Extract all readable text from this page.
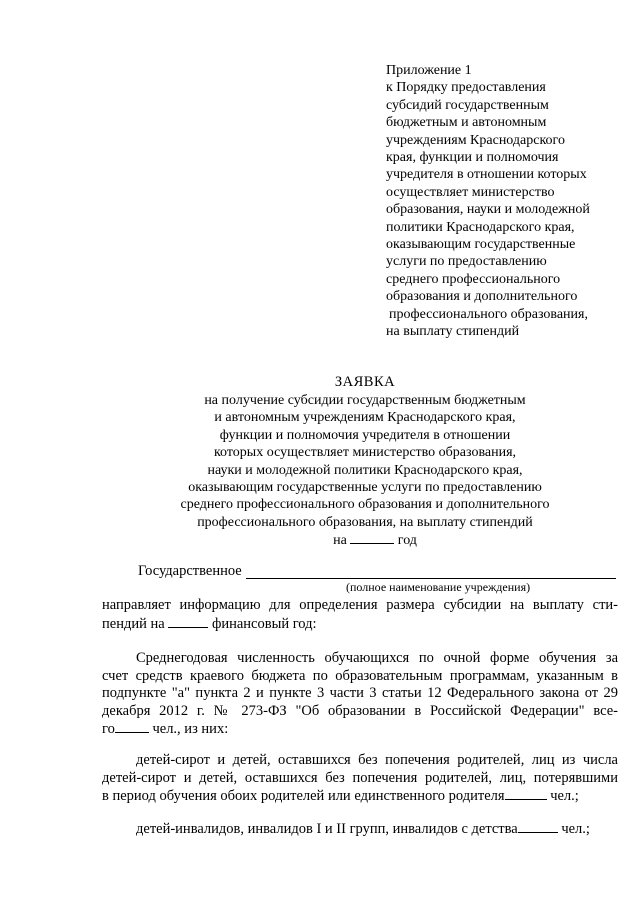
Приложение 1
к Порядку предоставления
субсидий государственным
бюджетным и автономным
учреждениям Краснодарского
края, функции и полномочия
учредителя в отношении которых
осуществляет министерство
образования, науки и молодежной
политики Краснодарского края,
оказывающим государственные
услуги по предоставлению
среднего профессионального
образования и дополнительного
профессионального образования,
на выплату стипендий
ЗАЯВКА
на получение субсидии государственным бюджетным
и автономным учреждениям Краснодарского края,
функции и полномочия учредителя в отношении
которых осуществляет министерство образования,
науки и молодежной политики Краснодарского края,
оказывающим государственные услуги по предоставлению
среднего профессионального образования и дополнительного
профессионального образования, на выплату стипендий
на	год
Государственное
(полное наименование учреждения)
направляет информацию для определения размера субсидии на выплату сти-
пендий на	финансовый год:
Среднегодовая численность обучающихся по очной форме обучения за
счет средств краевого бюджета по образовательным программам, указанным в
подпункте "а" пункта 2 и пункте 3 части 3 статьи 12 Федерального закона от 29
декабря 2012 г. № 273-ФЗ "Об образовании в Российской Федерации" все-
го	чел., из них:
детей-сирот и детей, оставшихся без попечения родителей, лиц из числа
детей-сирот и детей, оставшихся без попечения родителей, лиц, потерявшими
в период обучения обоих родителей или единственного родителя	чел.;
детей-инвалидов, инвалидов I и II групп, инвалидов с детства	чел.;
